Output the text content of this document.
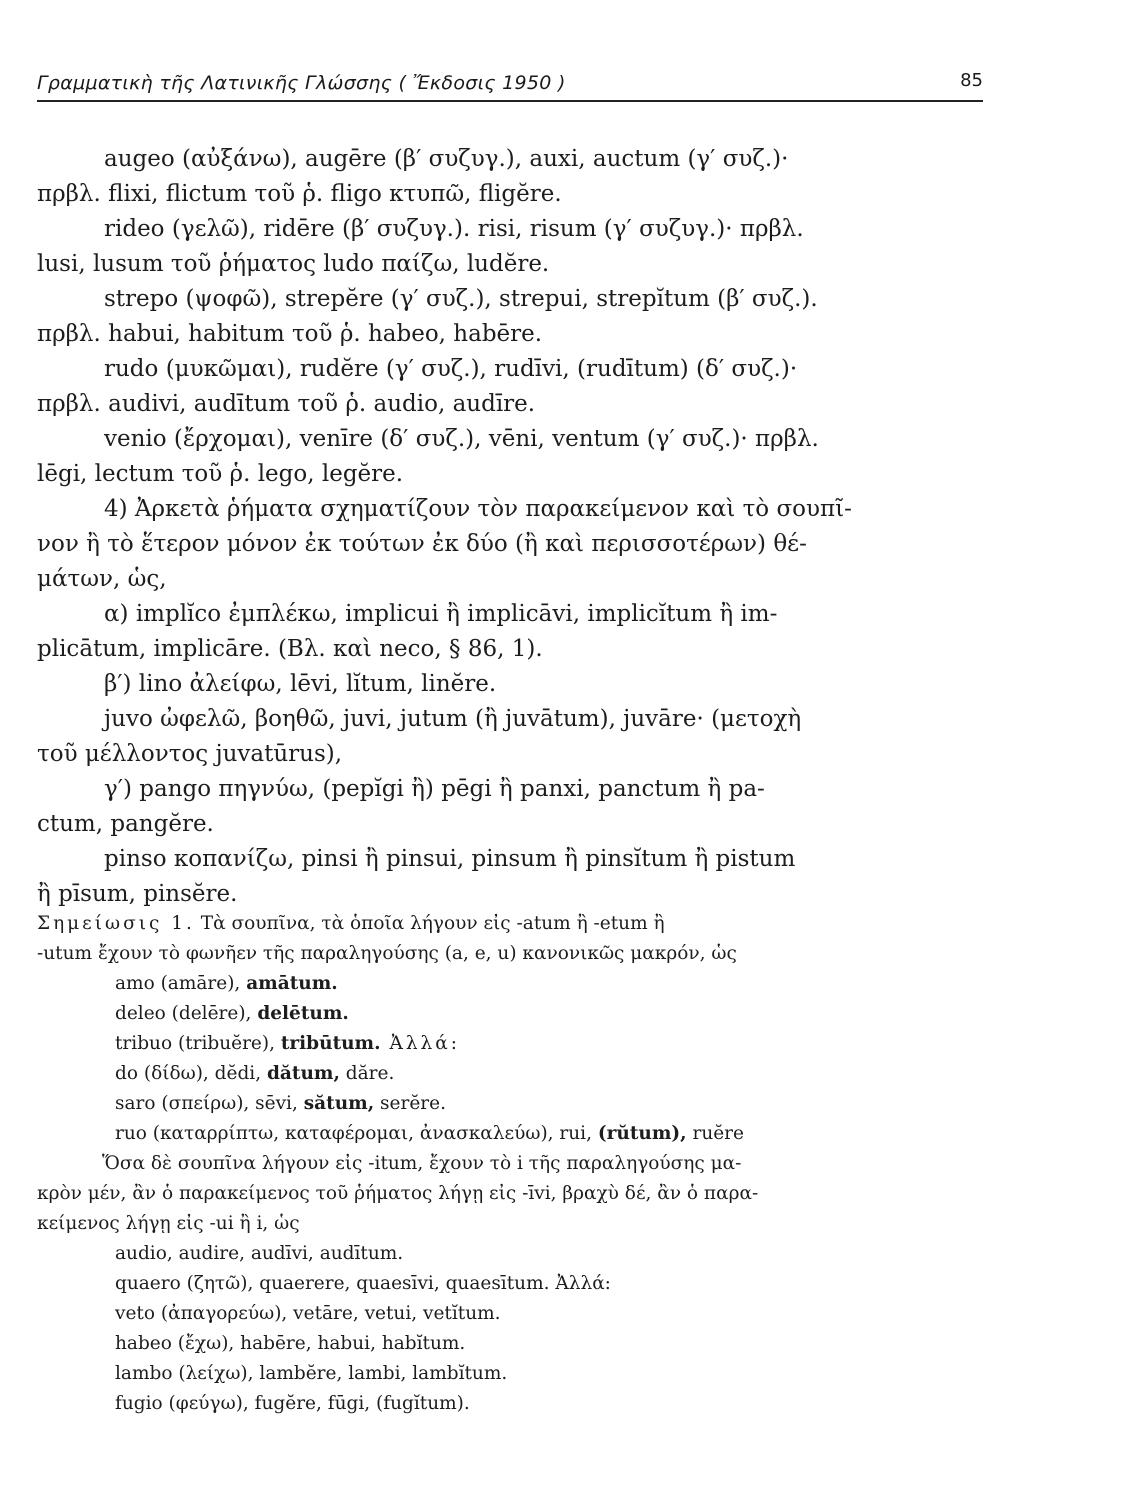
Γραμματικὴ τῆς Λατινικῆς Γλώσσης ( Ἔκδοσις 1950 )	85
augeo (αὐξάνω), augēre (β′ συζυγ.), auxi, auctum (γ′ συζ.)·
πρβλ. flixi, flictum τοῦ ῥ. fligo κτυπῶ, fligĕre.
rideo (γελῶ), ridēre (β′ συζυγ.). risi, risum (γ′ συζυγ.)· πρβλ.
lusi, lusum τοῦ ῥήματος ludo παίζω, ludĕre.
strepo (ψοφῶ), strepĕre (γ′ συζ.), strepui, strepĭtum (β′ συζ.).
πρβλ. habui, habitum τοῦ ῥ. habeo, habēre.
rudo (μυκῶμαι), rudĕre (γ′ συζ.), rudīvi, (rudītum) (δ′ συζ.)·
πρβλ. audivi, audītum τοῦ ῥ. audio, audīre.
venio (ἔρχομαι), venīre (δ′ συζ.), vēni, ventum (γ′ συζ.)· πρβλ.
lēgi, lectum τοῦ ῥ. lego, legĕre.
4) Ἀρκετὰ ῥήματα σχηματίζουν τὸν παρακείμενον καὶ τὸ σουπῖ-
νον ἢ τὸ ἕτερον μόνον ἐκ τούτων ἐκ δύο (ἢ καὶ περισσοτέρων) θέ-
μάτων, ὡς,
α) implĭco ἐμπλέκω, implicui ἢ implicāvi, implicĭtum ἢ im-
plicātum, implicāre. (Βλ. καὶ neco, § 86, 1).
β′) lino ἀλείφω, lēvi, lĭtum, linĕre.
juvo ὠφελῶ, βοηθῶ, juvi, jutum (ἢ juvātum), juvāre· (μετοχὴ
τοῦ μέλλοντος juvatūrus),
γ′) pango πηγνύω, (pepĭgi ἢ) pēgi ἢ panxi, panctum ἢ pa-
ctum, pangĕre.
pinso κοπανίζω, pinsi ἢ pinsui, pinsum ἢ pinsĭtum ἢ pistum
ἢ pīsum, pinsĕre.
Σημείωσις 1. Τὰ σουπῖνα, τὰ ὁποῖα λήγουν εἰς -atum ἢ -etum ἢ
-utum ἔχουν τὸ φωνῆεν τῆς παραληγούσης (a, e, u) κανονικῶς μακρόν, ὡς
amo (amāre), amātum.
deleo (delēre), delētum.
tribuo (tribuĕre), tribūtum. Ἀλλά:
do (δίδω), dĕdi, dătum, dăre.
saro (σπείρω), sēvi, sătum, serĕre.
ruo (καταρρίπτω, καταφέρομαι, ἀνασκαλεύω), rui, (rŭtum), ruĕre
Ὅσα δὲ σουπῖνα λήγουν εἰς -itum, ἔχουν τὸ i τῆς παραληγούσης μα-
κρὸν μέν, ἂν ὁ παρακείμενος τοῦ ῥήματος λήγῃ εἰς -īvi, βραχὺ δέ, ἂν ὁ παρα-
κείμενος λήγῃ εἰς -ui ἢ i, ὡς
audio, audire, audīvi, audītum.
quaero (ζητῶ), quaerere, quaesīvi, quaesītum. Ἀλλά:
veto (ἀπαγορεύω), vetāre, vetui, vetĭtum.
habeo (ἔχω), habēre, habui, habĭtum.
lambo (λείχω), lambĕre, lambi, lambĭtum.
fugio (φεύγω), fugĕre, fūgi, (fugĭtum).
